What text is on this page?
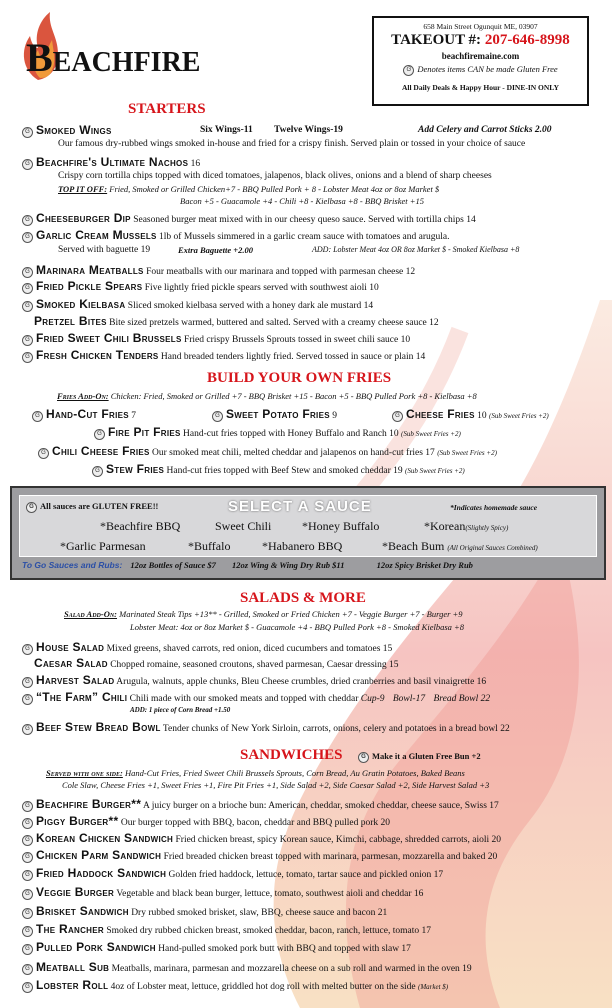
Beachfire
658 Main Street Ogunquit ME, 03907
TAKEOUT #: 207-646-8998
beachfiremaine.com
G Denotes items CAN be made Gluten Free
All Daily Deals & Happy Hour - DINE-IN ONLY
STARTERS
G Smoked Wings	Six Wings-11 Twelve Wings-19	Add Celery and Carrot Sticks 2.00
Our famous dry-rubbed wings smoked in-house and fried for a crispy finish. Served plain or tossed in your choice of sauce
G Beachfire's Ultimate Nachos 16
Crispy corn tortilla chips topped with diced tomatoes, jalapenos, black olives, onions and a blend of sharp cheeses
TOP IT OFF: Fried, Smoked or Grilled Chicken+7 - BBQ Pulled Pork + 8 - Lobster Meat 4oz or 8oz Market $
Bacon +5 - Guacamole +4 - Chili +8 - Kielbasa +8 - BBQ Brisket +15
G Cheeseburger Dip Seasoned burger meat mixed with in our cheesy queso sauce. Served with tortilla chips 14
G Garlic Cream Mussels 1lb of Mussels simmered in a garlic cream sauce with tomatoes and arugula.
Served with baguette 19	Extra Baguette +2.00	ADD: Lobster Meat 4oz OR 8oz Market $ - Smoked Kielbasa +8
G Marinara Meatballs Four meatballs with our marinara and topped with parmesan cheese 12
G Fried Pickle Spears Five lightly fried pickle spears served with southwest aioli 10
G Smoked Kielbasa Sliced smoked kielbasa served with a honey dark ale mustard 14
Pretzel Bites Bite sized pretzels warmed, buttered and salted. Served with a creamy cheese sauce 12
G Fried Sweet Chili Brussels Fried crispy Brussels Sprouts tossed in sweet chili sauce 10
G Fresh Chicken Tenders Hand breaded tenders lightly fried. Served tossed in sauce or plain 14
BUILD YOUR OWN FRIES
Fries Add-On: Chicken: Fried, Smoked or Grilled +7 - BBQ Brisket +15 - Bacon +5 - BBQ Pulled Pork +8 - Kielbasa +8
G Hand-Cut Fries 7	G Sweet Potato Fries 9	G Cheese Fries 10 (Sub Sweet Fries +2)
G Fire Pit Fries Hand-cut fries topped with Honey Buffalo and Ranch 10 (Sub Sweet Fries +2)
G Chili Cheese Fries Our smoked meat chili, melted cheddar and jalapenos on hand-cut fries 17 (Sub Sweet Fries +2)
G Stew Fries Hand-cut fries topped with Beef Stew and smoked cheddar 19 (Sub Sweet Fries +2)
G All sauces are GLUTEN FREE!!	SELECT A SAUCE	*Indicates homemade sauce
*Beachfire BBQ	Sweet Chili	*Honey Buffalo	*Korean(Slightly Spicy)
*Garlic Parmesan	*Buffalo	*Habanero BBQ	*Beach Bum (All Original Sauces Combined)
To Go Sauces and Rubs: 12oz Bottles of Sauce $7 12oz Wing & Wing Dry Rub $11	12oz Spicy Brisket Dry Rub
SALADS & MORE
Salad Add-On: Marinated Steak Tips +13** - Grilled, Smoked or Fried Chicken +7 - Veggie Burger +7 - Burger +9
Lobster Meat: 4oz or 8oz Market $ - Guacamole +4 - BBQ Pulled Pork +8 - Smoked Kielbasa +8
G House Salad Mixed greens, shaved carrots, red onion, diced cucumbers and tomatoes 15
Caesar Salad Chopped romaine, seasoned croutons, shaved parmesan, Caesar dressing 15
G Harvest Salad Arugula, walnuts, apple chunks, Bleu Cheese crumbles, dried cranberries and basil vinaigrette 16
G “The Farm” Chili Chili made with our smoked meats and topped with cheddar Cup-9 Bowl-17 Bread Bowl 22
ADD: 1 piece of Corn Bread +1.50
G Beef Stew Bread Bowl Tender chunks of New York Sirloin, carrots, onions, celery and potatoes in a bread bowl 22
SANDWICHES	G Make it a Gluten Free Bun +2
Served with one side: Hand-Cut Fries, Fried Sweet Chili Brussels Sprouts, Corn Bread, Au Gratin Potatoes, Baked Beans
Cole Slaw, Cheese Fries +1, Sweet Fries +1, Fire Pit Fries +1, Side Salad +2, Side Caesar Salad +2, Side Harvest Salad +3
G Beachfire Burger** A juicy burger on a brioche bun: American, cheddar, smoked cheddar, cheese sauce, Swiss 17
G Piggy Burger** Our burger topped with BBQ, bacon, cheddar and BBQ pulled pork 20
G Korean Chicken Sandwich Fried chicken breast, spicy Korean sauce, Kimchi, cabbage, shredded carrots, aioli 20
G Chicken Parm Sandwich Fried breaded chicken breast topped with marinara, parmesan, mozzarella and baked 20
G Fried Haddock Sandwich Golden fried haddock, lettuce, tomato, tartar sauce and pickled onion 17
G Veggie Burger Vegetable and black bean burger, lettuce, tomato, southwest aioli and cheddar 16
G Brisket Sandwich Dry rubbed smoked brisket, slaw, BBQ, cheese sauce and bacon 21
G The Rancher Smoked dry rubbed chicken breast, smoked cheddar, bacon, ranch, lettuce, tomato 17
G Pulled Pork Sandwich Hand-pulled smoked pork butt with BBQ and topped with slaw 17
G Meatball Sub Meatballs, marinara, parmesan and mozzarella cheese on a sub roll and warmed in the oven 19
G Lobster Roll 4oz of Lobster meat, lettuce, griddled hot dog roll with melted butter on the side (Market $)
